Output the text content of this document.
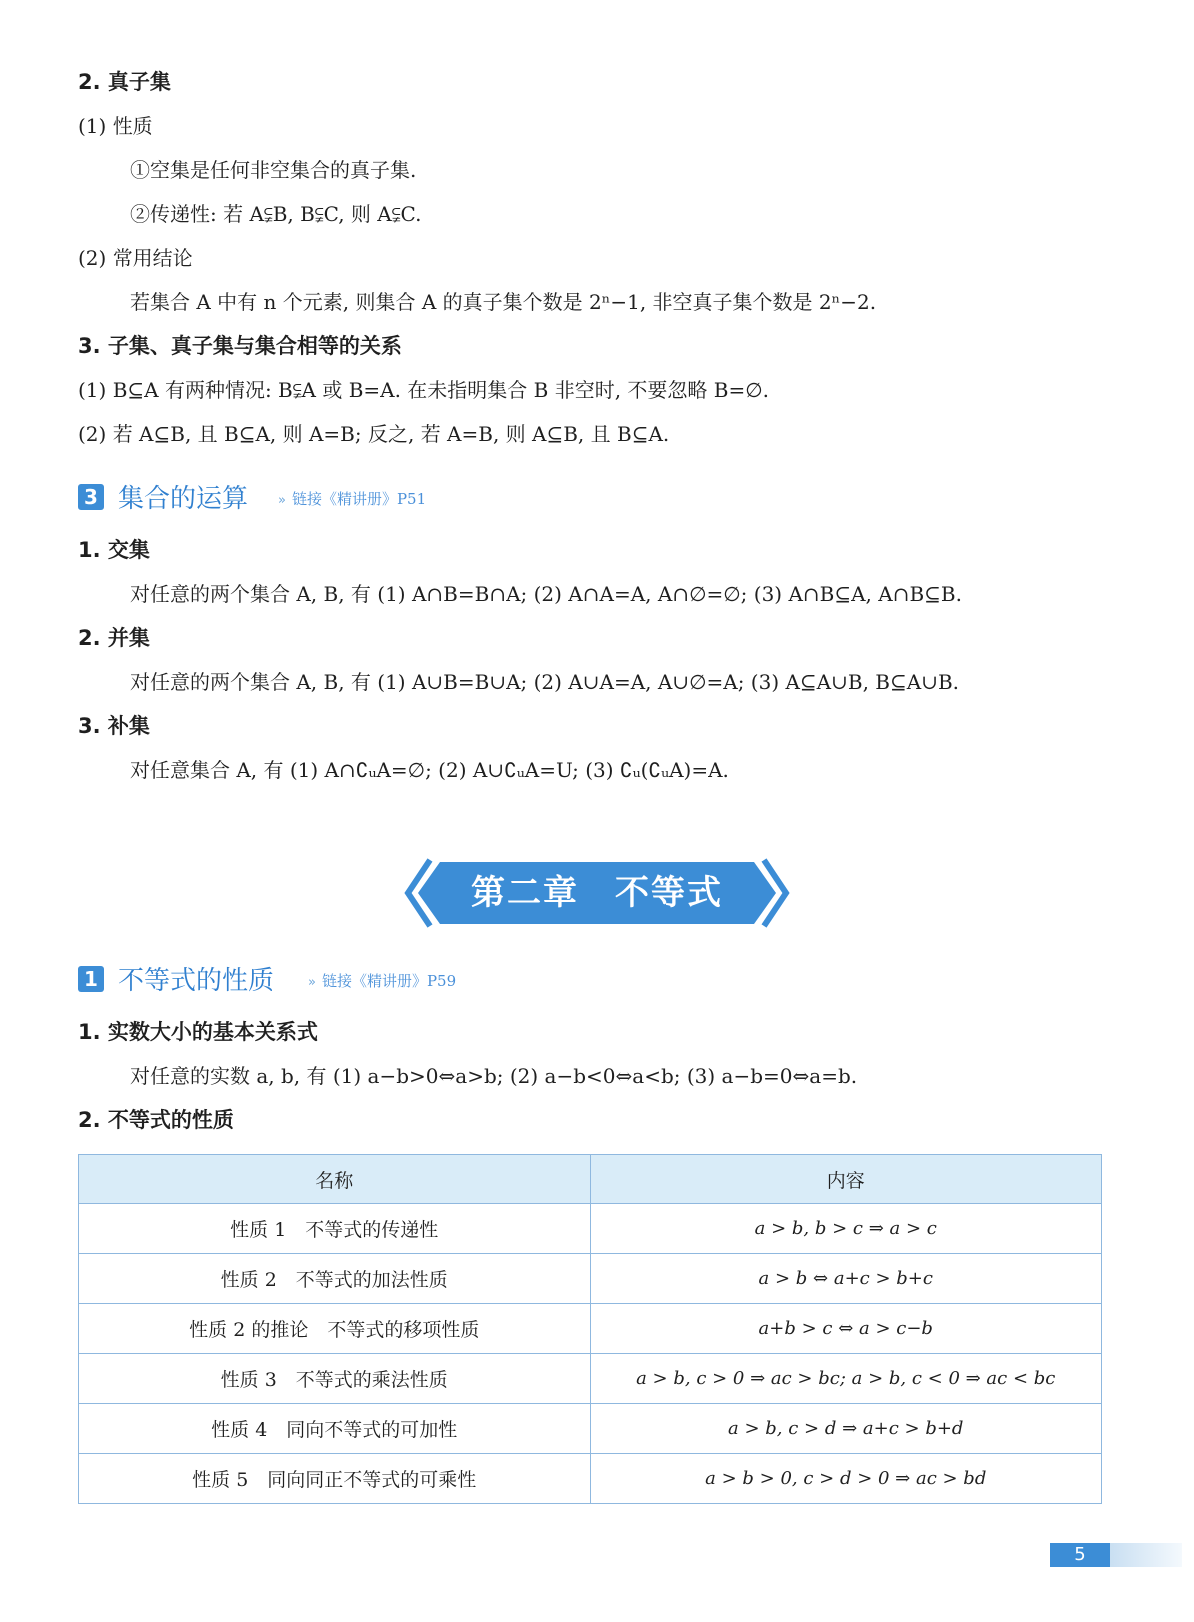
2. 真子集
(1) 性质
①空集是任何非空集合的真子集.
②传递性: 若 A⫋B, B⫋C, 则 A⫋C.
(2) 常用结论
若集合 A 中有 n 个元素, 则集合 A 的真子集个数是 2ⁿ−1, 非空真子集个数是 2ⁿ−2.
3. 子集、真子集与集合相等的关系
(1) B⊆A 有两种情况: B⫋A 或 B=A. 在未指明集合 B 非空时, 不要忽略 B=∅.
(2) 若 A⊆B, 且 B⊆A, 则 A=B; 反之, 若 A=B, 则 A⊆B, 且 B⊆A.
3 集合的运算 » 链接《精讲册》P51
1. 交集
对任意的两个集合 A, B, 有 (1) A∩B=B∩A; (2) A∩A=A, A∩∅=∅; (3) A∩B⊆A, A∩B⊆B.
2. 并集
对任意的两个集合 A, B, 有 (1) A∪B=B∪A; (2) A∪A=A, A∪∅=A; (3) A⊆A∪B, B⊆A∪B.
3. 补集
对任意集合 A, 有 (1) A∩∁ᵤA=∅; (2) A∪∁ᵤA=U; (3) ∁ᵤ(∁ᵤA)=A.
第二章　不等式
1 不等式的性质	» 链接《精讲册》P59
1. 实数大小的基本关系式
对任意的实数 a, b, 有 (1) a−b>0⇔a>b; (2) a−b<0⇔a<b; (3) a−b=0⇔a=b.
2. 不等式的性质
名称	内容
性质 1　不等式的传递性	a > b, b > c ⇒ a > c
性质 2　不等式的加法性质	a > b ⇔ a+c > b+c
性质 2 的推论　不等式的移项性质	a+b > c ⇔ a > c−b
性质 3　不等式的乘法性质	a > b, c > 0 ⇒ ac > bc; a > b, c < 0 ⇒ ac < bc
性质 4　同向不等式的可加性	a > b, c > d ⇒ a+c > b+d
性质 5　同向同正不等式的可乘性	a > b > 0, c > d > 0 ⇒ ac > bd
5
